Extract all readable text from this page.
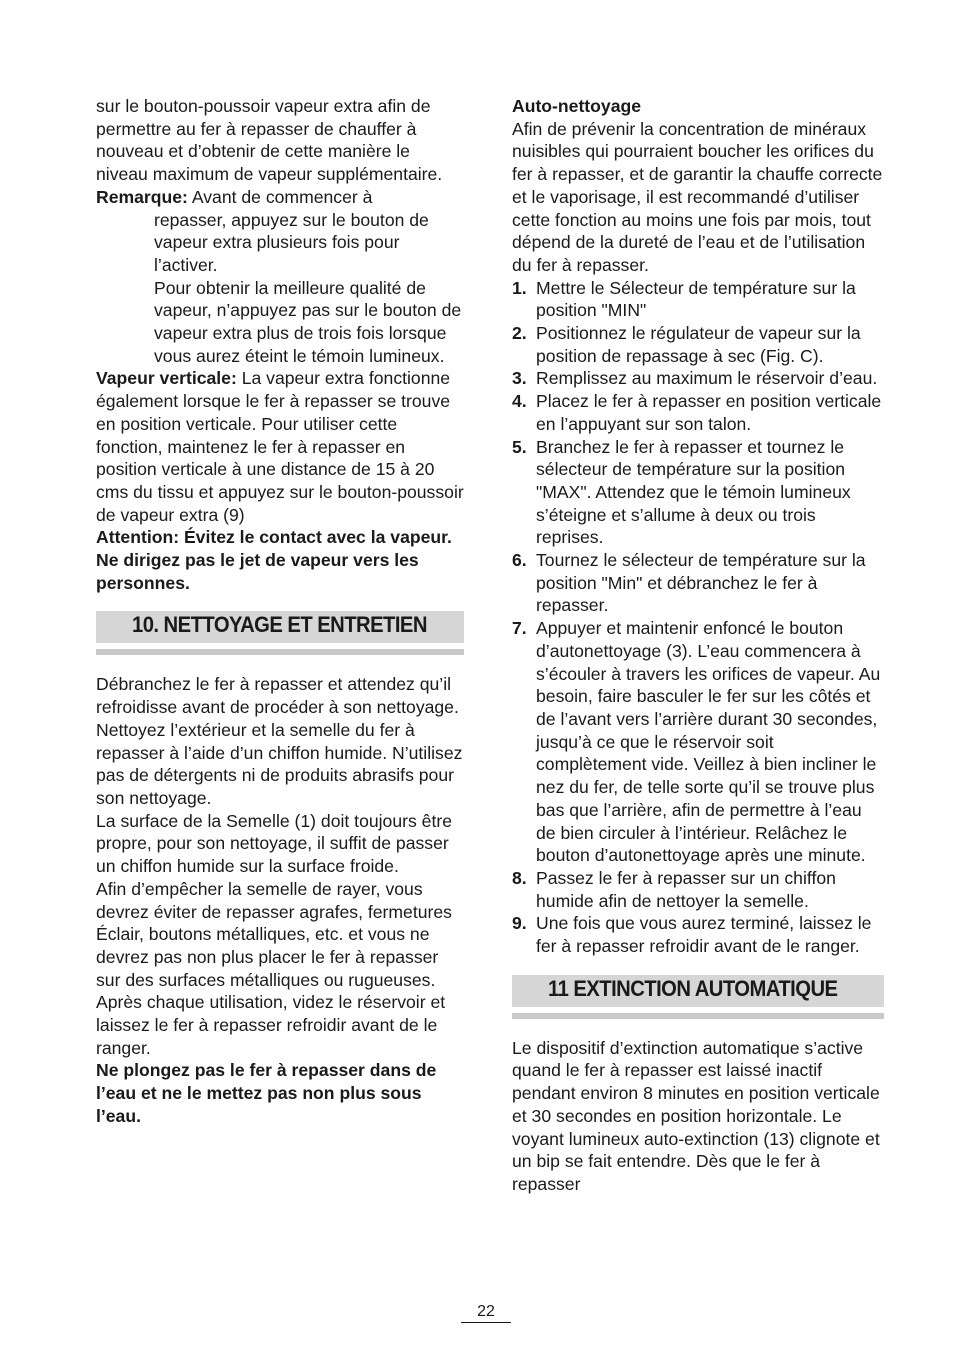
sur le bouton-poussoir vapeur extra afin de permettre au fer à repasser de chauffer à nouveau et d’obtenir de cette manière le niveau maximum de vapeur supplémentaire.

Remarque: Avant de commencer à

repasser, appuyez sur le bouton de vapeur extra plusieurs fois pour l’activer.

Pour obtenir la meilleure qualité de vapeur, n’appuyez pas sur le bouton de vapeur extra plus de trois fois lorsque vous aurez éteint le témoin lumineux.

Vapeur verticale: La vapeur extra fonctionne également lorsque le fer à repasser se trouve en position verticale. Pour utiliser cette fonction, maintenez le fer à repasser en position verticale à une distance de 15 à 20 cms du tissu et appuyez sur le bouton-poussoir de vapeur extra (9)

Attention: Évitez le contact avec la vapeur. Ne dirigez pas le jet de vapeur vers les personnes.

10. NETTOYAGE ET ENTRETIEN

Débranchez le fer à repasser et attendez qu’il refroidisse avant de procéder à son nettoyage.

Nettoyez l’extérieur et la semelle du fer à repasser à l’aide d’un chiffon humide. N’utilisez pas de détergents ni de produits abrasifs pour son nettoyage.

La surface de la Semelle (1) doit toujours être propre, pour son nettoyage, il suffit de passer un chiffon humide sur la surface froide.

Afin d’empêcher la semelle de rayer, vous devrez éviter de repasser agrafes, fermetures Éclair, boutons métalliques, etc. et vous ne devrez pas non plus placer le fer à repasser sur des surfaces métalliques ou rugueuses.

Après chaque utilisation, videz le réservoir et laissez le fer à repasser refroidir avant de le ranger.

Ne plongez pas le fer à repasser dans de l’eau et ne le mettez pas non plus sous l’eau.

Auto-nettoyage

Afin de prévenir la concentration de minéraux nuisibles qui pourraient boucher les orifices du fer à repasser, et de garantir la chauffe correcte et le vaporisage, il est recommandé d’utiliser cette fonction au moins une fois par mois, tout dépend de la dureté de l’eau et de l’utilisation du fer à repasser.

1. Mettre le Sélecteur de température sur la position "MIN"
2. Positionnez le régulateur de vapeur sur la position de repassage à sec (Fig. C).
3. Remplissez au maximum le réservoir d’eau.
4. Placez le fer à repasser en position verticale en l’appuyant sur son talon.
5. Branchez le fer à repasser et tournez le sélecteur de température sur la position "MAX". Attendez que le témoin lumineux s’éteigne et s’allume à deux ou trois reprises.
6. Tournez le sélecteur de température sur la position "Min" et débranchez le fer à repasser.
7. Appuyer et maintenir enfoncé le bouton d’autonettoyage (3). L’eau commencera à s’écouler à travers les orifices de vapeur. Au besoin, faire basculer le fer sur les côtés et de l’avant vers l’arrière durant 30 secondes, jusqu’à ce que le réservoir soit complètement vide. Veillez à bien incliner le nez du fer, de telle sorte qu’il se trouve plus bas que l’arrière, afin de permettre à l’eau de bien circuler à l’intérieur. Relâchez le bouton d’autonettoyage après une minute.
8. Passez le fer à repasser sur un chiffon humide afin de nettoyer la semelle.
9. Une fois que vous aurez terminé, laissez le fer à repasser refroidir avant de le ranger.
11 EXTINCTION AUTOMATIQUE

Le dispositif d’extinction automatique s’active quand le fer à repasser est laissé inactif pendant environ 8 minutes en position verticale et 30 secondes en position horizontale. Le voyant lumineux auto-extinction (13) clignote et un bip se fait entendre. Dès que le fer à repasser

22
